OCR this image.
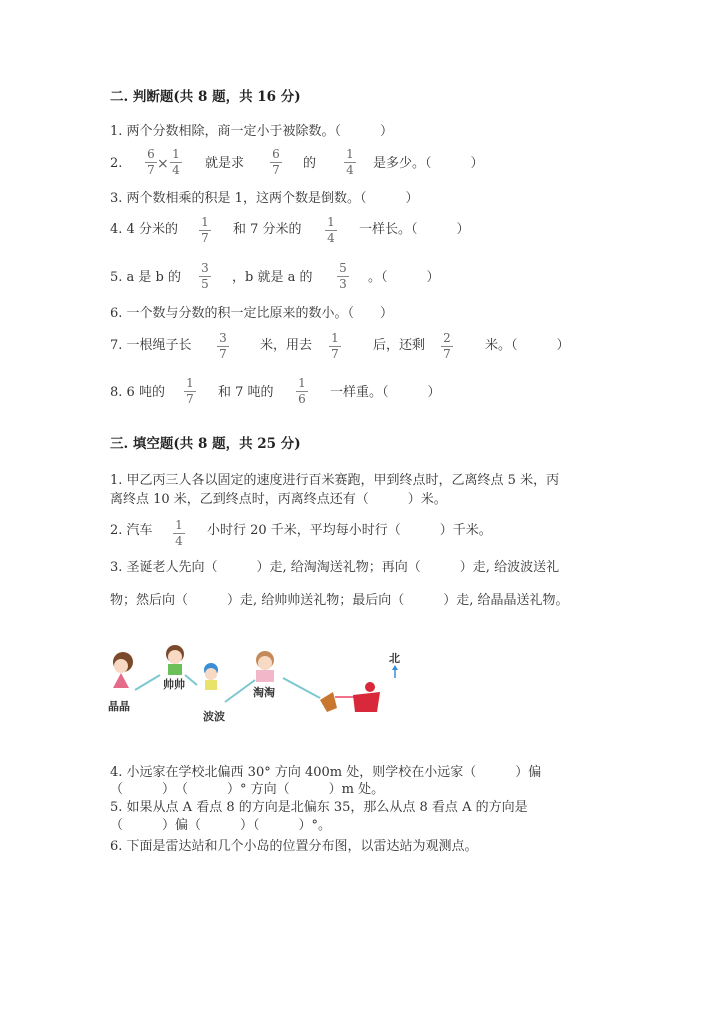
二. 判断题(共 8 题，共 16 分)
1. 两个分数相除，商一定小于被除数。（　　　）
2.
6
7 ×
1
4 就是求
6
7 的
1
4 是多少。（　　　）
3. 两个数相乘的积是 1，这两个数是倒数。（　　　）
4. 4 分米的 1
7
和 7 分米的 1
4
一样长。（　　　）
5. a 是 b 的
3
5 ，b 就是 a 的
5
3 。（　　　）
6. 一个数与分数的积一定比原来的数小。（　　）
7. 一根绳子长 3
7
米，用去 1
7
后，还剩 2
7
米。（　　　）
8. 6 吨的
1
7 和 7 吨的
1
6 一样重。（　　　）
三. 填空题(共 8 题，共 25 分)
1. 甲乙丙三人各以固定的速度进行百米赛跑，甲到终点时，乙离终点 5 米，丙
离终点 10 米，乙到终点时，丙离终点还有（　　　）米。
2. 汽车 1
4
小时行 20 千米，平均每小时行（　　　）千米。
3. 圣诞老人先向（　　　）走, 给淘淘送礼物；再向（　　　）走, 给波波送礼
物；然后向（　　　）走, 给帅帅送礼物；最后向（　　　）走, 给晶晶送礼物。
北
晶晶
帅帅
波波
淘淘
4. 小远家在学校北偏西 30° 方向 400m 处，则学校在小远家（　　　）偏
（　　　）　（　　　）° 方向（　　　）m 处。
5. 如果从点 A 看点 8 的方向是北偏东 35，那么从点 8 看点 A 的方向是
（　　　）偏（　　　）（　　　）°。
6. 下面是雷达站和几个小岛的位置分布图，以雷达站为观测点。
